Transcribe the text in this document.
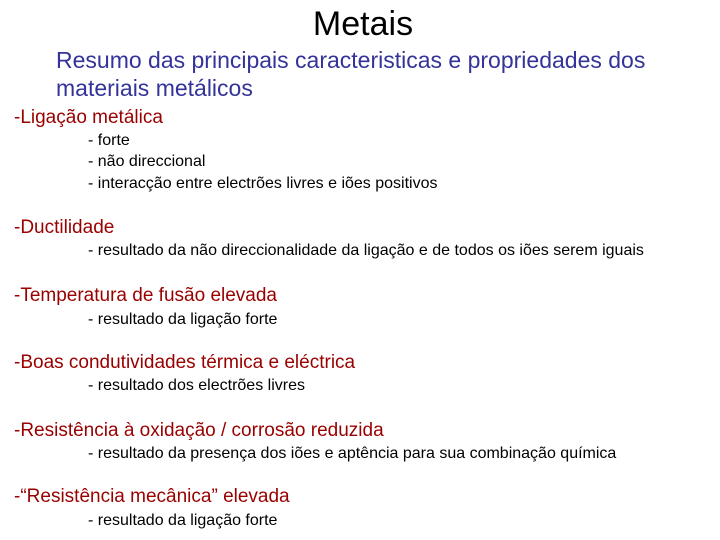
Metais
Resumo das principais caracteristicas e propriedades dos materiais metálicos
-Ligação metálica
- forte
- não direccional
- interacção entre electrões livres e iões positivos
-Ductilidade
- resultado da não direccionalidade da ligação e de todos os iões serem iguais
-Temperatura de fusão elevada
- resultado da ligação forte
-Boas condutividades térmica e eléctrica
- resultado dos electrões livres
-Resistência à oxidação / corrosão reduzida
- resultado da presença dos iões e aptência para sua combinação química
-“Resistência mecânica” elevada
- resultado da ligação forte
